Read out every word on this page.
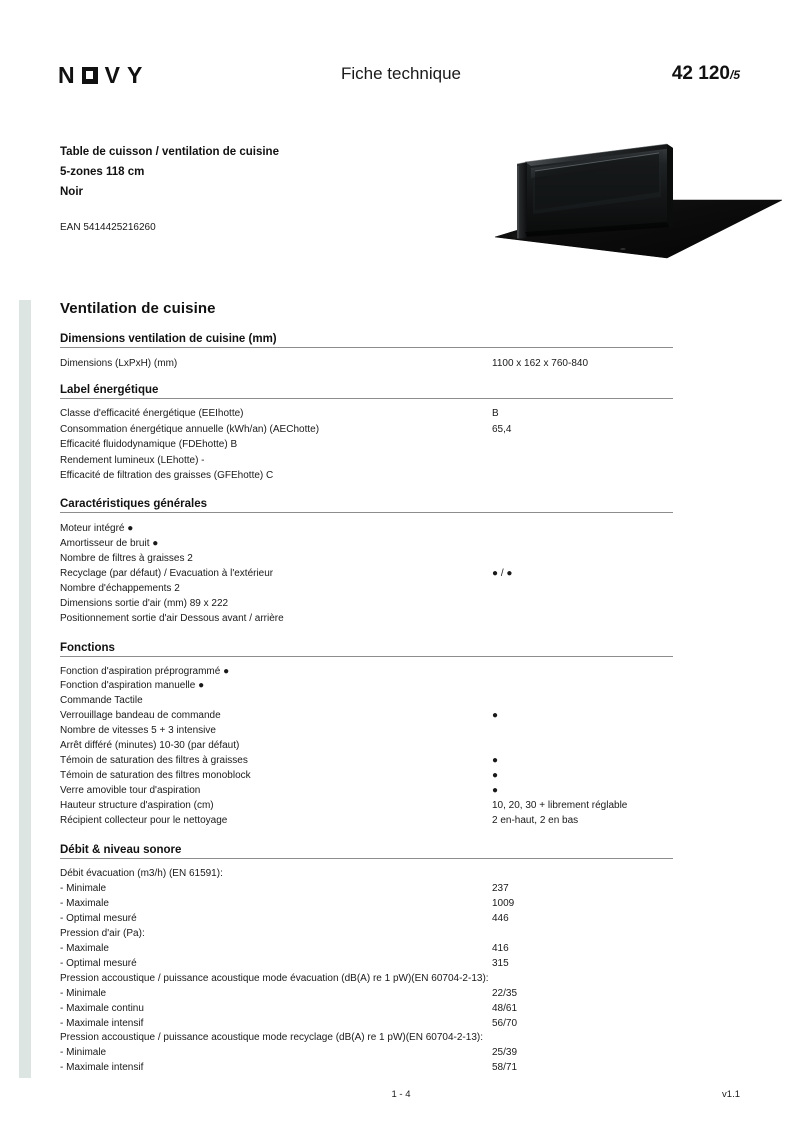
N V Y	Fiche technique	42 120/5
Table de cuisson / ventilation de cuisine
5-zones 118 cm
Noir
EAN 5414425216260
Ventilation de cuisine
Dimensions ventilation de cuisine (mm)
Dimensions (LxPxH) (mm)	1100 x 162 x 760-840
Label énergétique
Classe d'efficacité énergétique (EEIhotte)	B
Consommation énergétique annuelle (kWh/an) (AEChotte)	65,4
Efficacité fluidodynamique (FDEhotte) B
Rendement lumineux (LEhotte) -
Efficacité de filtration des graisses (GFEhotte) C
Caractéristiques générales
Moteur intégré ●
Amortisseur de bruit ●
Nombre de filtres à graisses 2
Recyclage (par défaut) / Evacuation à l'extérieur	● / ●
Nombre d'échappements 2
Dimensions sortie d'air (mm) 89 x 222
Positionnement sortie d'air Dessous avant / arrière
Fonctions
Fonction d'aspiration préprogrammé ●
Fonction d'aspiration manuelle ●
Commande Tactile
Verrouillage bandeau de commande	●
Nombre de vitesses 5 + 3 intensive
Arrêt différé (minutes) 10-30 (par défaut)
Témoin de saturation des filtres à graisses	●
Témoin de saturation des filtres monoblock	●
Verre amovible tour d'aspiration	●
Hauteur structure d'aspiration (cm)	10, 20, 30 + librement réglable
Récipient collecteur pour le nettoyage	2 en-haut, 2 en bas
Débit & niveau sonore
Débit évacuation (m3/h) (EN 61591):
- Minimale	237
- Maximale	1009
- Optimal mesuré	446
Pression d'air (Pa):
- Maximale	416
- Optimal mesuré	315
Pression accoustique / puissance acoustique mode évacuation (dB(A) re 1 pW)(EN 60704-2-13):
- Minimale	22/35
- Maximale continu	48/61
- Maximale intensif	56/70
Pression accoustique / puissance acoustique mode recyclage (dB(A) re 1 pW)(EN 60704-2-13):
- Minimale	25/39
- Maximale intensif	58/71
1 - 4	v1.1
